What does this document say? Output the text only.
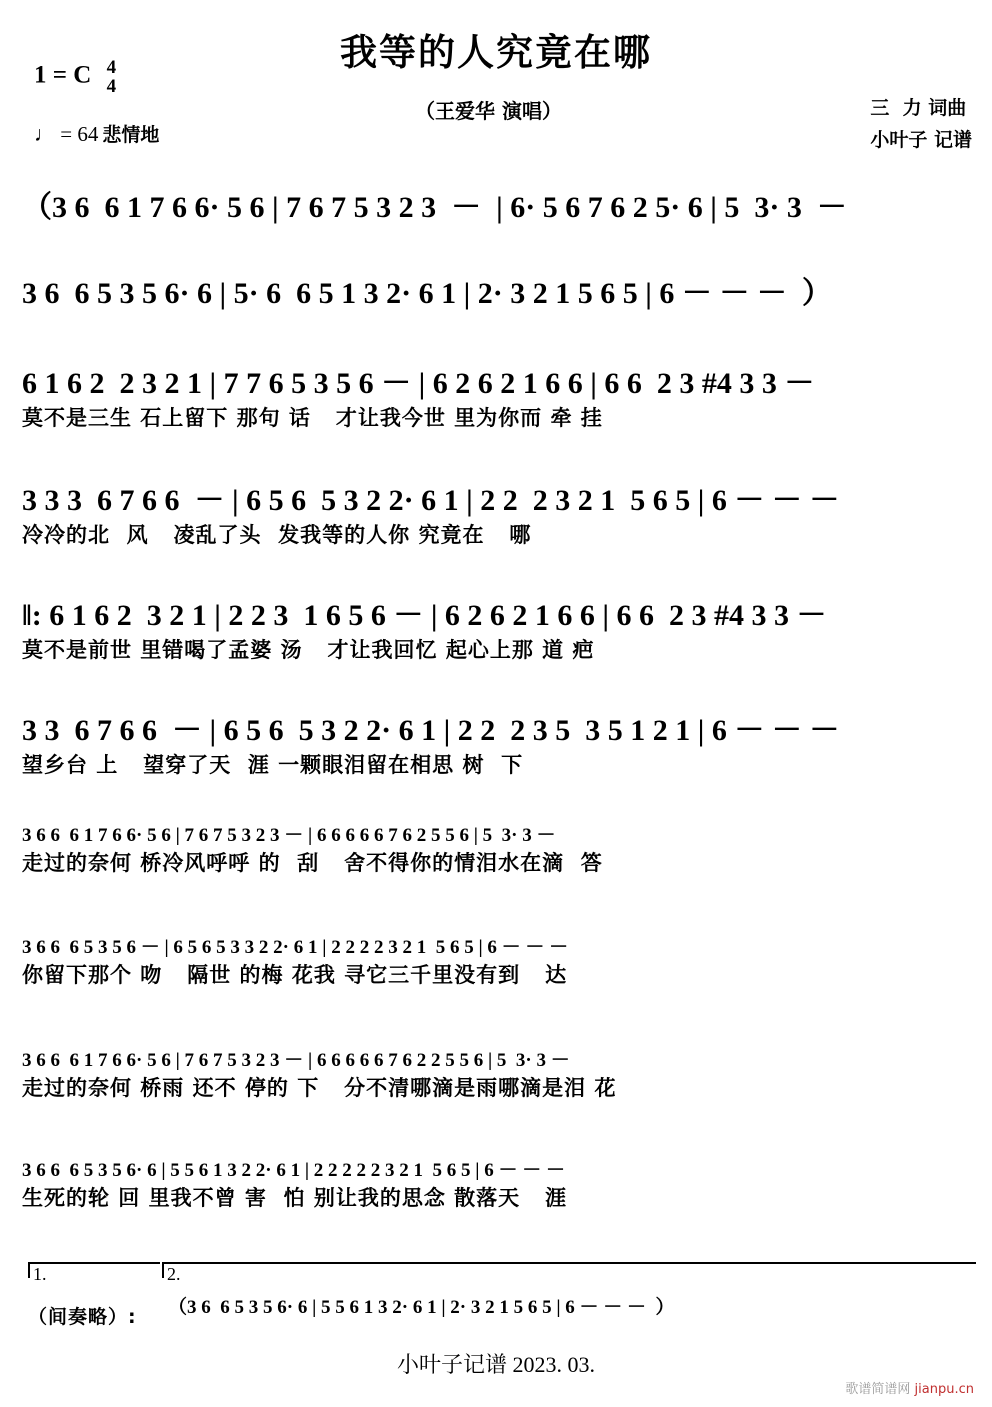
我等的人究竟在哪
1 = C 4
4
♩ = 64 悲情地
（王爱华 演唱）	三  力 词曲
小叶子 记谱
（3 6  6 1 7 6 6· 5 6 | 7 6 7 5 3 2 3  －  | 6· 5 6 7 6 2 5· 6 | 5  3· 3  －
3 6  6 5 3 5 6· 6 | 5· 6  6 5 1 3 2· 6 1 | 2· 3 2 1 5 6 5 | 6 － － －  ）
6 1 6 2  2 3 2 1 | 7 7 6 5 3 5 6 － | 6 2 6 2 1 6 6 | 6 6  2 3 #4 3 3 －
莫不是三生 石上留下 那句 话   才让我今世 里为你而 牵 挂
3 3 3  6 7 6 6  － | 6 5 6  5 3 2 2· 6 1 | 2 2  2 3 2 1  5 6 5 | 6 － － －
冷冷的北  风   凌乱了头  发我等的人你 究竟在   哪
‖: 6 1 6 2  3 2 1 | 2 2 3  1 6 5 6 － | 6 2 6 2 1 6 6 | 6 6  2 3 #4 3 3 －
莫不是前世 里错喝了孟婆 汤   才让我回忆 起心上那 道 疤
3 3  6 7 6 6  － | 6 5 6  5 3 2 2· 6 1 | 2 2  2 3 5  3 5 1 2 1 | 6 － － －
望乡台 上   望穿了天  涯 一颗眼泪留在相思 树  下
3 6 6  6 1 7 6 6· 5 6 | 7 6 7 5 3 2 3 － | 6 6 6 6 6 7 6 2 5 5 6 | 5  3· 3 －
走过的奈何 桥冷风呼呼 的  刮   舍不得你的情泪水在滴  答
3 6 6  6 5 3 5 6 － | 6 5 6 5 3 3 2 2· 6 1 | 2 2 2 2 3 2 1  5 6 5 | 6 － － －
你留下那个 吻   隔世 的梅 花我 寻它三千里没有到   达
3 6 6  6 1 7 6 6· 5 6 | 7 6 7 5 3 2 3 － | 6 6 6 6 6 7 6 2 2 5 5 6 | 5  3· 3 －
走过的奈何 桥雨 还不 停的 下   分不清哪滴是雨哪滴是泪 花
3 6 6  6 5 3 5 6· 6 | 5 5 6 1 3 2 2· 6 1 | 2 2 2 2 2 3 2 1  5 6 5 | 6 － － －
生死的轮 回 里我不曾 害  怕 别让我的思念 散落天   涯
1.	2.
（间奏略）:	（3 6  6 5 3 5 6· 6 | 5 5 6 1 3 2· 6 1 | 2· 3 2 1 5 6 5 | 6 － － －  ）
小叶子记谱 2023. 03.
歌谱简谱网 jianpu.cn
